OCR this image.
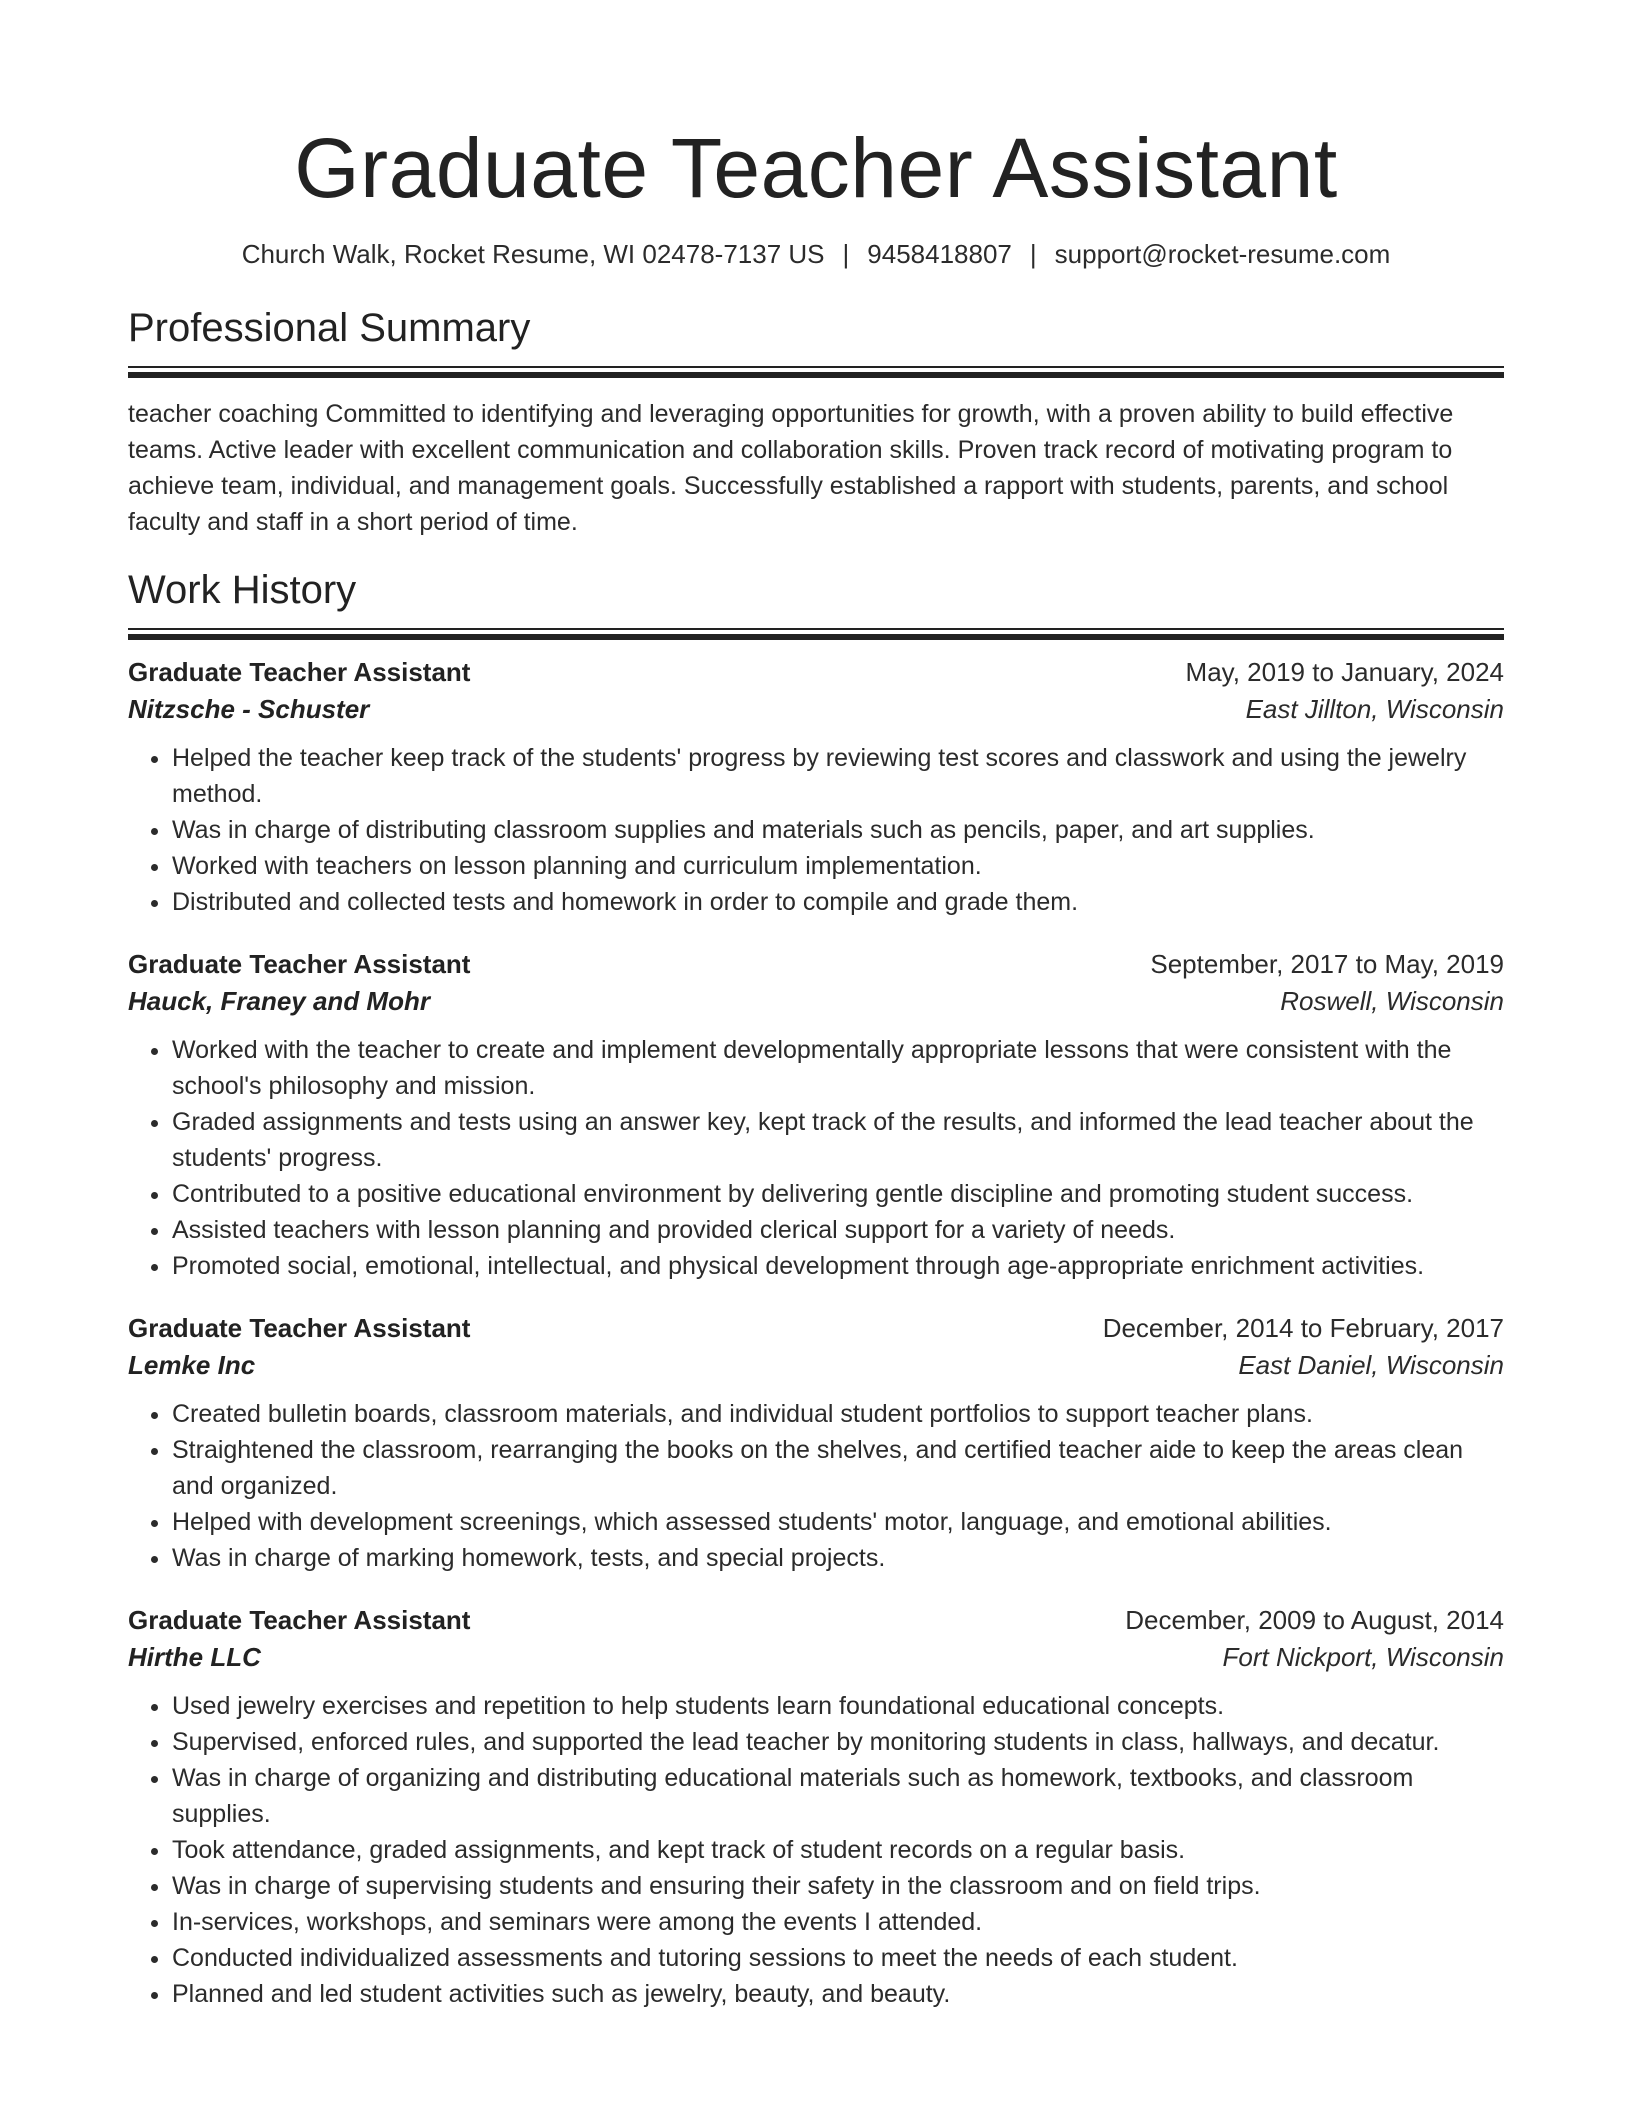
Graduate Teacher Assistant
Church Walk, Rocket Resume, WI 02478-7137 US | 9458418807 | support@rocket-resume.com
Professional Summary

teacher coaching Committed to identifying and leveraging opportunities for growth, with a proven ability to build effective teams. Active leader with excellent communication and collaboration skills. Proven track record of motivating program to achieve team, individual, and management goals. Successfully established a rapport with students, parents, and school faculty and staff in a short period of time.

Work History
Graduate Teacher Assistant	May, 2019 to January, 2024
Nitzsche - Schuster	East Jillton, Wisconsin
• Helped the teacher keep track of the students' progress by reviewing test scores and classwork and using the jewelry method.
• Was in charge of distributing classroom supplies and materials such as pencils, paper, and art supplies.
• Worked with teachers on lesson planning and curriculum implementation.
• Distributed and collected tests and homework in order to compile and grade them.
Graduate Teacher Assistant	September, 2017 to May, 2019
Hauck, Franey and Mohr	Roswell, Wisconsin
• Worked with the teacher to create and implement developmentally appropriate lessons that were consistent with the school's philosophy and mission.
• Graded assignments and tests using an answer key, kept track of the results, and informed the lead teacher about the students' progress.
• Contributed to a positive educational environment by delivering gentle discipline and promoting student success.
• Assisted teachers with lesson planning and provided clerical support for a variety of needs.
• Promoted social, emotional, intellectual, and physical development through age-appropriate enrichment activities.
Graduate Teacher Assistant	December, 2014 to February, 2017
Lemke Inc	East Daniel, Wisconsin
• Created bulletin boards, classroom materials, and individual student portfolios to support teacher plans.
• Straightened the classroom, rearranging the books on the shelves, and certified teacher aide to keep the areas clean and organized.
• Helped with development screenings, which assessed students' motor, language, and emotional abilities.
• Was in charge of marking homework, tests, and special projects.
Graduate Teacher Assistant	December, 2009 to August, 2014
Hirthe LLC	Fort Nickport, Wisconsin
• Used jewelry exercises and repetition to help students learn foundational educational concepts.
• Supervised, enforced rules, and supported the lead teacher by monitoring students in class, hallways, and decatur.
• Was in charge of organizing and distributing educational materials such as homework, textbooks, and classroom supplies.
• Took attendance, graded assignments, and kept track of student records on a regular basis.
• Was in charge of supervising students and ensuring their safety in the classroom and on field trips.
• In-services, workshops, and seminars were among the events I attended.
• Conducted individualized assessments and tutoring sessions to meet the needs of each student.
• Planned and led student activities such as jewelry, beauty, and beauty.
